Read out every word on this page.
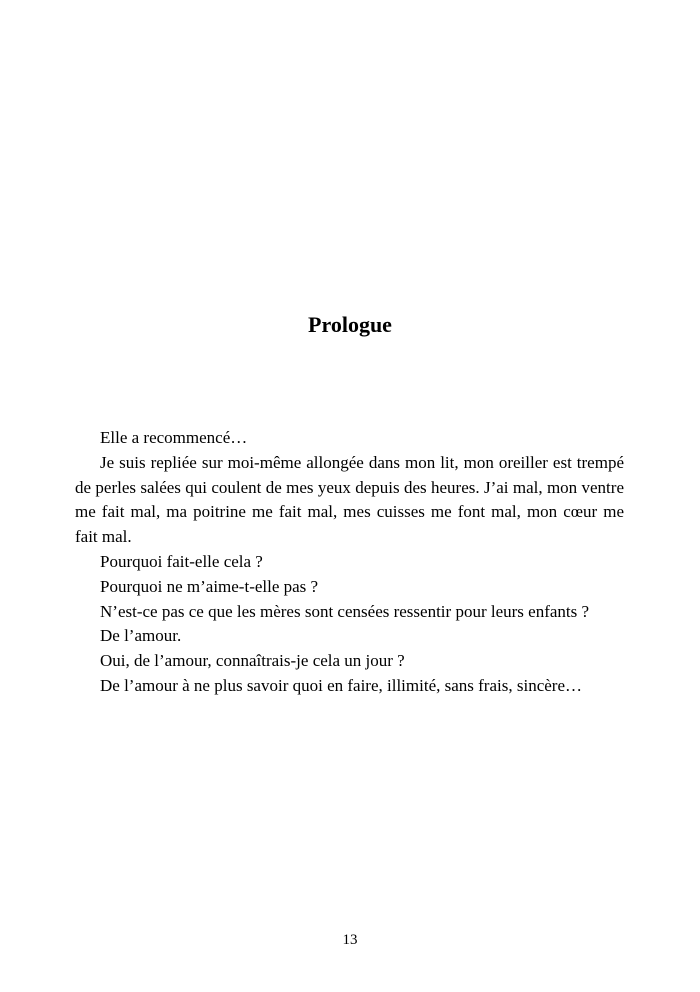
Prologue

Elle a recommencé…

Je suis repliée sur moi-même allongée dans mon lit, mon oreiller est trempé de perles salées qui coulent de mes yeux depuis des heures. J’ai mal, mon ventre me fait mal, ma poitrine me fait mal, mes cuisses me font mal, mon cœur me fait mal.

Pourquoi fait-elle cela ?

Pourquoi ne m’aime-t-elle pas ?

N’est-ce pas ce que les mères sont censées ressentir pour leurs enfants ?

De l’amour.

Oui, de l’amour, connaîtrais-je cela un jour ?

De l’amour à ne plus savoir quoi en faire, illimité, sans frais, sincère…

13
